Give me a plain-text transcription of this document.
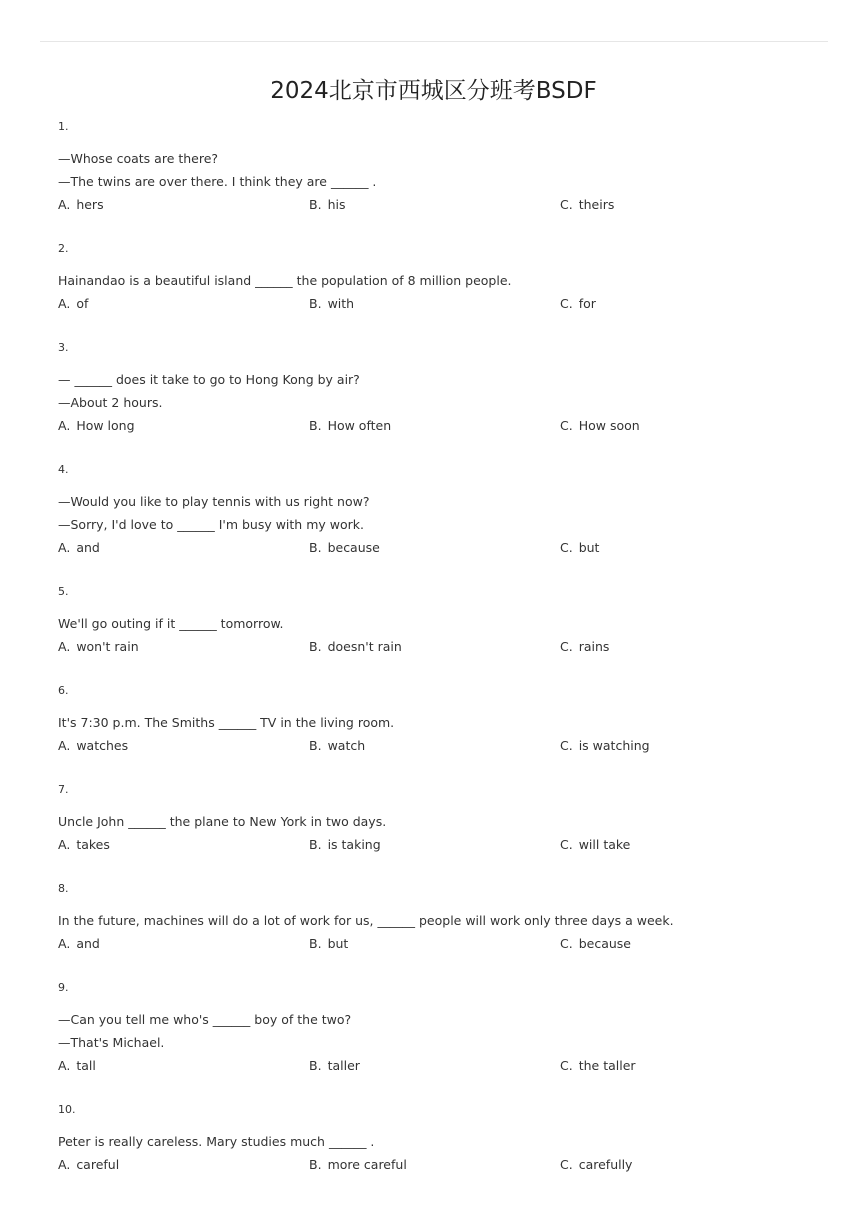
2024北京市西城区分班考BSDF
1.
—Whose coats are there?
—The twins are over there. I think they are ______ .
A. hers	B. his	C. theirs
2.
Hainandao is a beautiful island ______ the population of 8 million people.
A. of	B. with	C. for
3.
— ______ does it take to go to Hong Kong by air?
—About 2 hours.
A. How long	B. How often	C. How soon
4.
—Would you like to play tennis with us right now?
—Sorry, I'd love to ______ I'm busy with my work.
A. and	B. because	C. but
5.
We'll go outing if it ______ tomorrow.
A. won't rain	B. doesn't rain	C. rains
6.
It's 7:30 p.m. The Smiths ______ TV in the living room.
A. watches	B. watch	C. is watching
7.
Uncle John ______ the plane to New York in two days.
A. takes	B. is taking	C. will take
8.
In the future, machines will do a lot of work for us, ______ people will work only three days a week.
A. and	B. but	C. because
9.
—Can you tell me who's ______ boy of the two?
—That's Michael.
A. tall	B. taller	C. the taller
10.
Peter is really careless. Mary studies much ______ .
A. careful	B. more careful	C. carefully
